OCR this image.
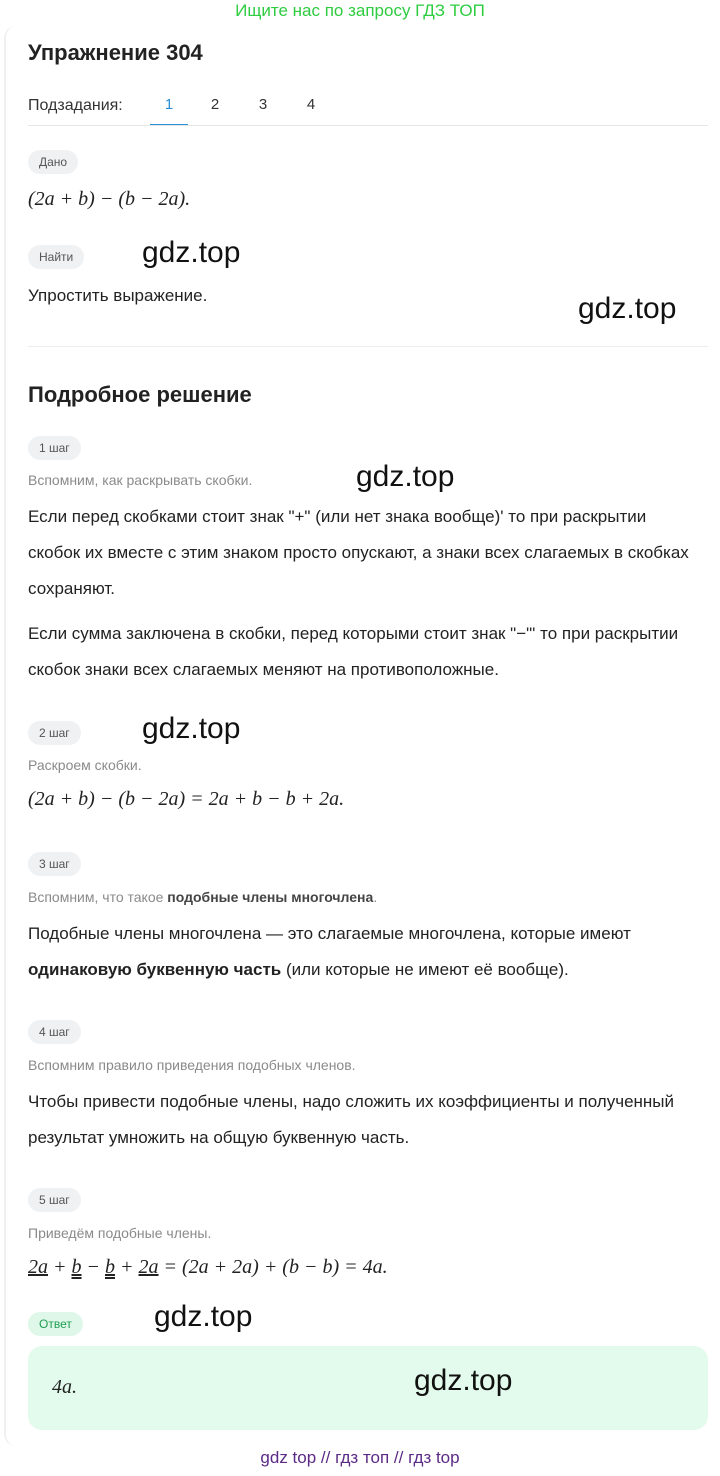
Ищите нас по запросу ГДЗ ТОП
Упражнение 304
Подзадания:	1	2	3	4
Дано
(2a + b) − (b − 2a).
Найти	gdz.top
Упростить выражение.	gdz.top
Подробное решение
1 шаг
Вспомним, как раскрывать скобки.	gdz.top
Если перед скобками стоит знак "+" (или нет знака вообще)' то при раскрытии скобок их вместе с этим знаком просто опускают, а знаки всех слагаемых в скобках сохраняют.
Если сумма заключена в скобки, перед которыми стоит знак "−"' то при раскрытии скобок знаки всех слагаемых меняют на противоположные.
2 шаг	gdz.top
Раскроем скобки.
(2a + b) − (b − 2a) = 2a + b − b + 2a.
3 шаг
Вспомним, что такое подобные члены многочлена.
Подобные члены многочлена — это слагаемые многочлена, которые имеют одинаковую буквенную часть (или которые не имеют её вообще).
4 шаг
Вспомним правило приведения подобных членов.
Чтобы привести подобные члены, надо сложить их коэффициенты и полученный результат умножить на общую буквенную часть.
5 шаг
Приведём подобные члены.
2a + b − b + 2a = (2a + 2a) + (b − b) = 4a.
Ответ	gdz.top
4a.	gdz.top
gdz top // гдз топ // гдз top
